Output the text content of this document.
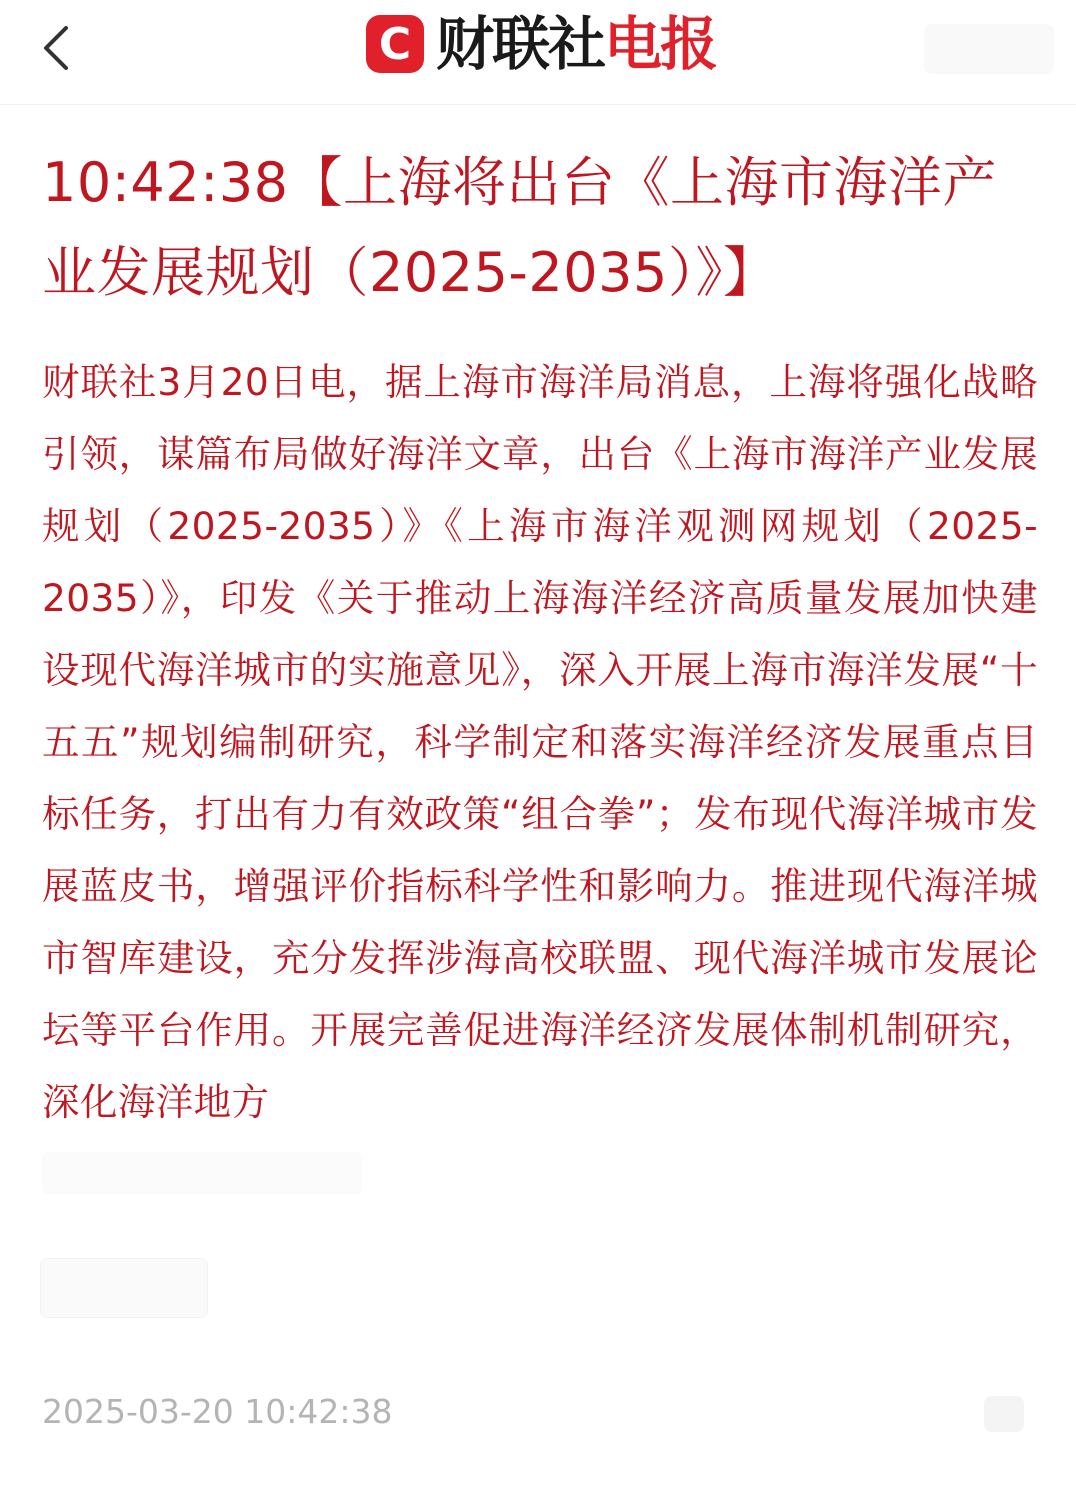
C 财联社电报
10:42:38【上海将出台《上海市海洋产业发展规划（2025-2035）》】

财联社3月20日电，据上海市海洋局消息，上海将强化战略引领，谋篇布局做好海洋文章，出台《上海市海洋产业发展规划（2025-2035）》《上海市海洋观测网规划（2025-2035）》，印发《关于推动上海海洋经济高质量发展加快建设现代海洋城市的实施意见》，深入开展上海市海洋发展“十五五”规划编制研究，科学制定和落实海洋经济发展重点目标任务，打出有力有效政策“组合拳”；发布现代海洋城市发展蓝皮书，增强评价指标科学性和影响力。推进现代海洋城市智库建设，充分发挥涉海高校联盟、现代海洋城市发展论坛等平台作用。开展完善促进海洋经济发展体制机制研究，深化海洋地方

2025-03-20 10:42:38
